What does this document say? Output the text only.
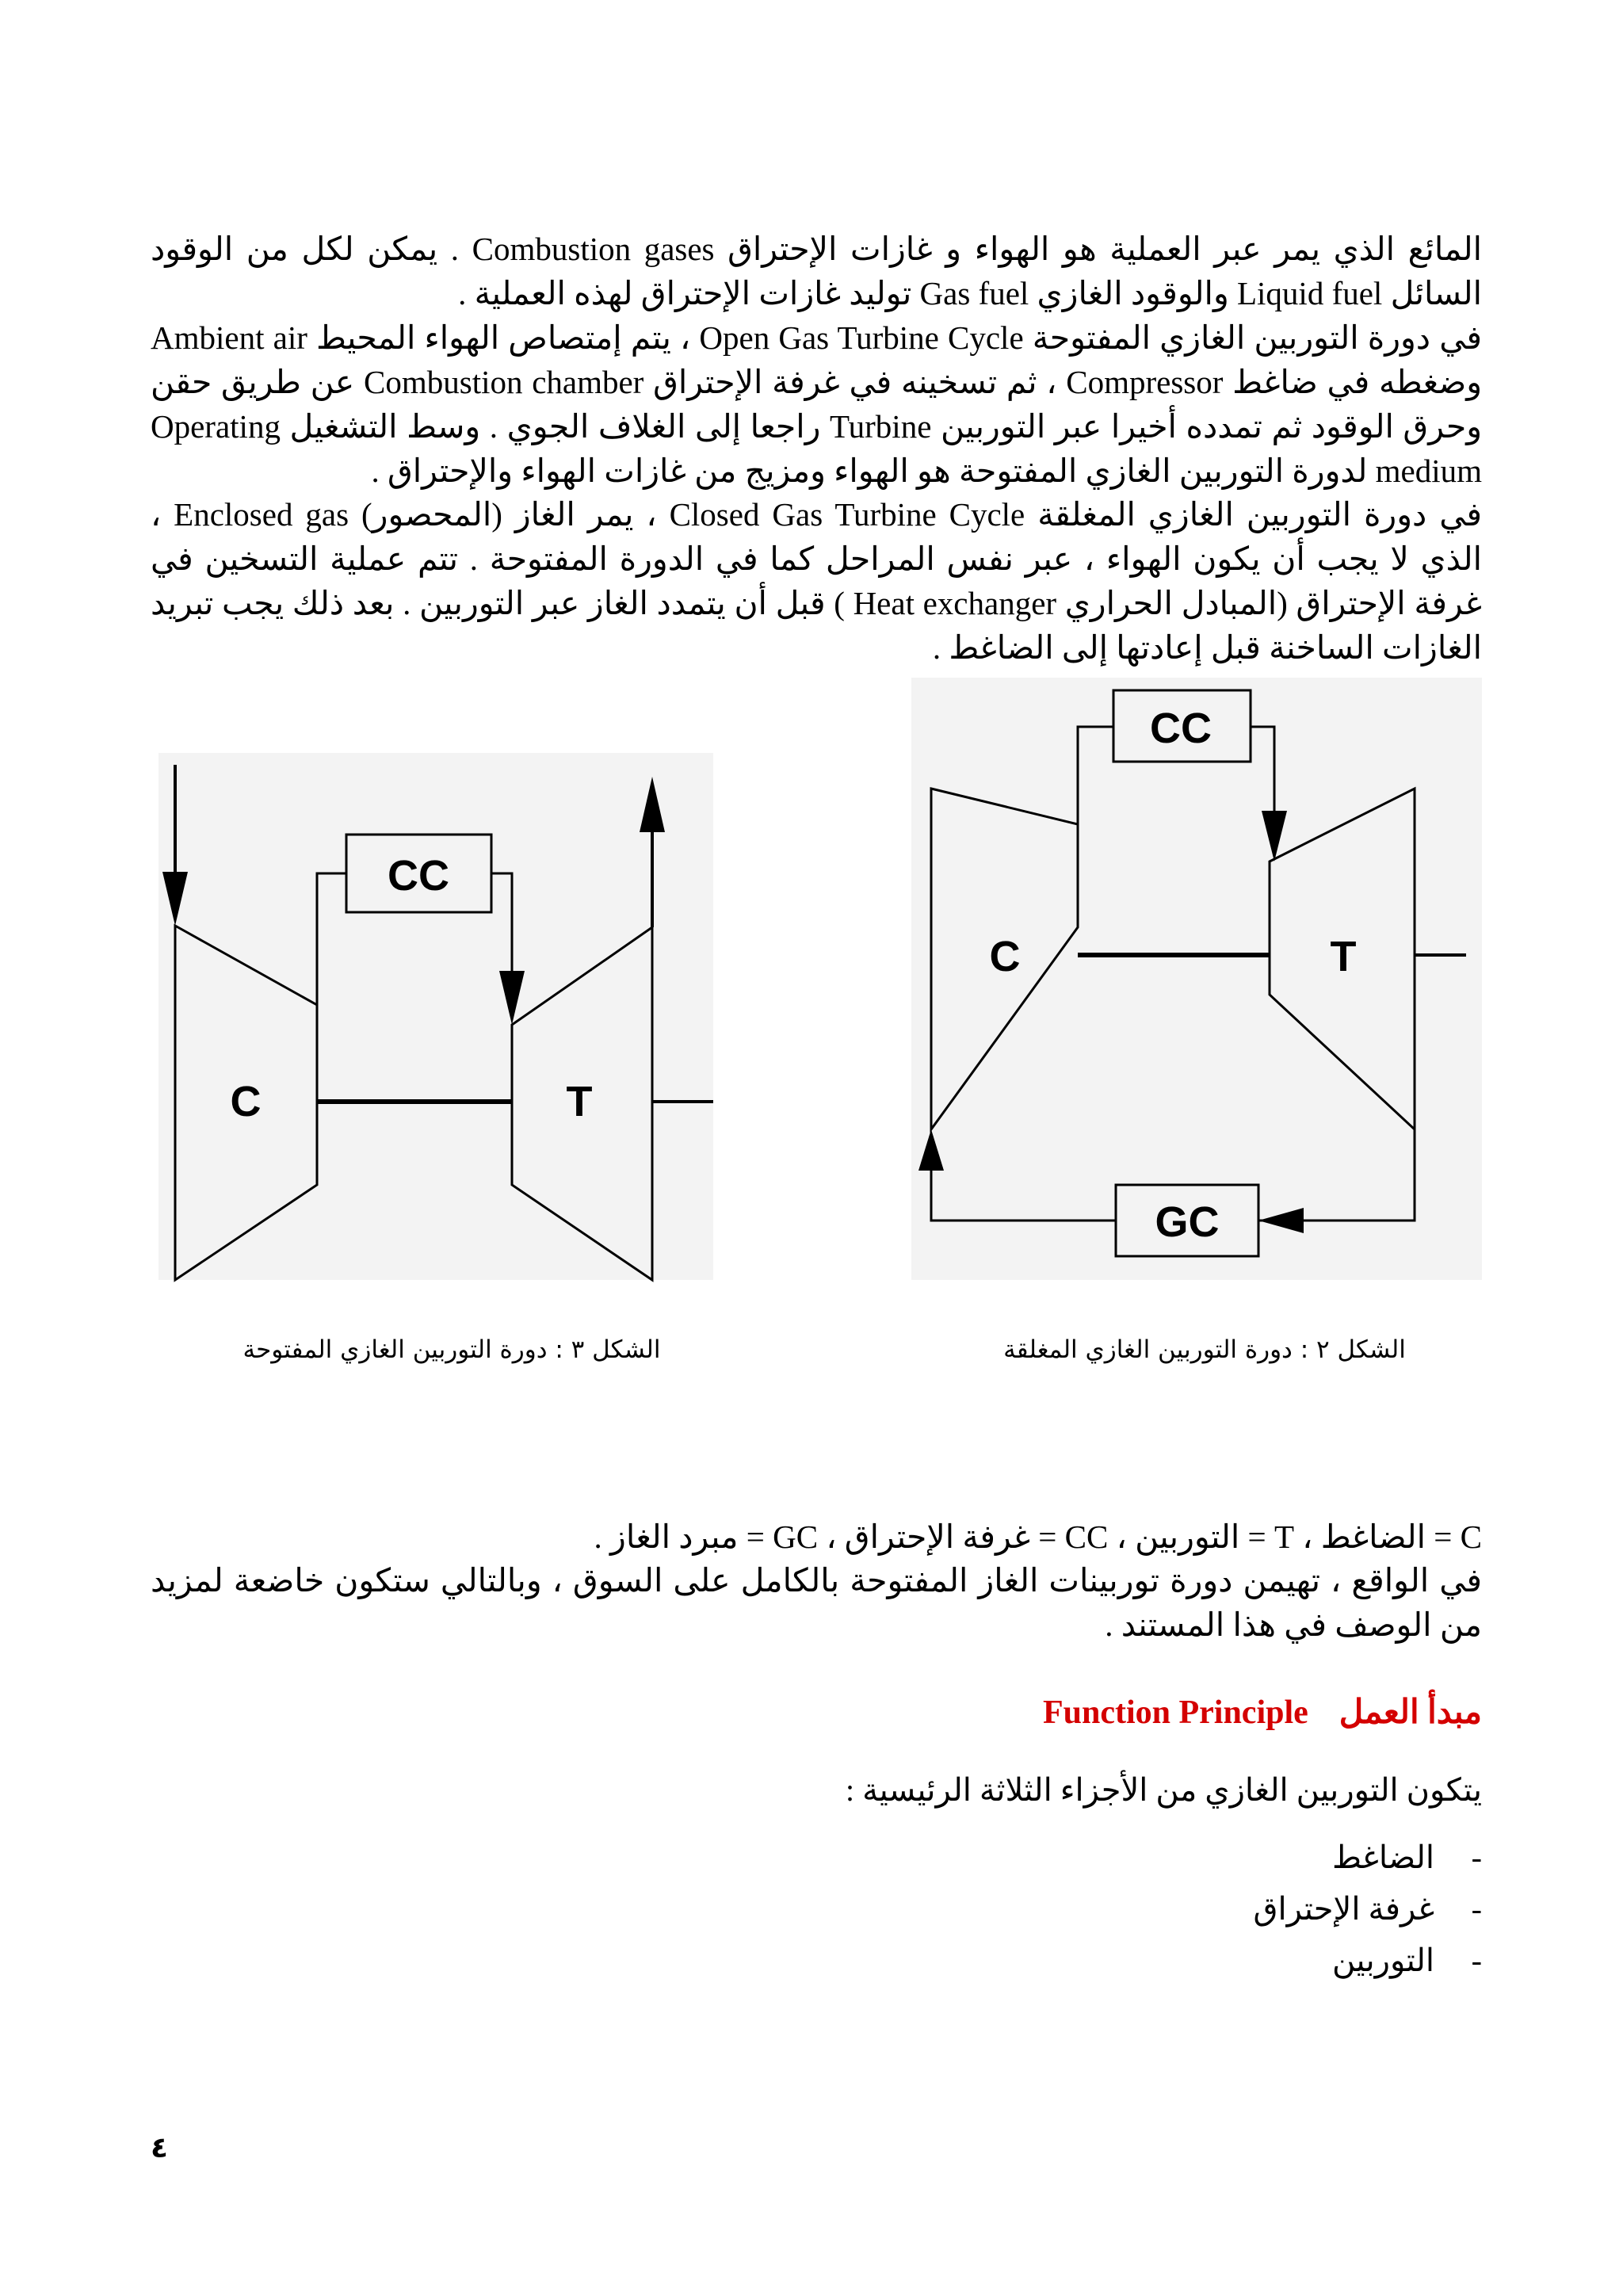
المائع الذي يمر عبر العملية هو الهواء و غازات الإحتراق Combustion gases . يمكن لكل من الوقود السائل Liquid fuel والوقود الغازي Gas fuel توليد غازات الإحتراق لهذه العملية .

في دورة التوربين الغازي المفتوحة Open Gas Turbine Cycle ، يتم إمتصاص الهواء المحيط Ambient air وضغطه في ضاغط Compressor ، ثم تسخينه في غرفة الإحتراق Combustion chamber عن طريق حقن وحرق الوقود ثم تمدده أخيرا عبر التوربين Turbine راجعا إلى الغلاف الجوي . وسط التشغيل Operating medium لدورة التوربين الغازي المفتوحة هو الهواء ومزيج من غازات الهواء والإحتراق .

في دورة التوربين الغازي المغلقة Closed Gas Turbine Cycle ، يمر الغاز (المحصور) Enclosed gas ، الذي لا يجب أن يكون الهواء ، عبر نفس المراحل كما في الدورة المفتوحة . تتم عملية التسخين في غرفة الإحتراق (المبادل الحراري Heat exchanger ) قبل أن يتمدد الغاز عبر التوربين . بعد ذلك يجب تبريد الغازات الساخنة قبل إعادتها إلى الضاغط .

CC
C	T
CC
C	T
GC
الشكل ٣ : دورة التوربين الغازي المفتوحة	الشكل ٢ : دورة التوربين الغازي المغلقة

C = الضاغط ، T = التوربين ، CC = غرفة الإحتراق ، GC = مبرد الغاز .

في الواقع ، تهيمن دورة توربينات الغاز المفتوحة بالكامل على السوق ، وبالتالي ستكون خاضعة لمزيد من الوصف في هذا المستند .

مبدأ العمل  Function Principle
يتكون التوربين الغازي من الأجزاء الثلاثة الرئيسية :
-الضاغط
-غرفة الإحتراق
-التوربين
٤
